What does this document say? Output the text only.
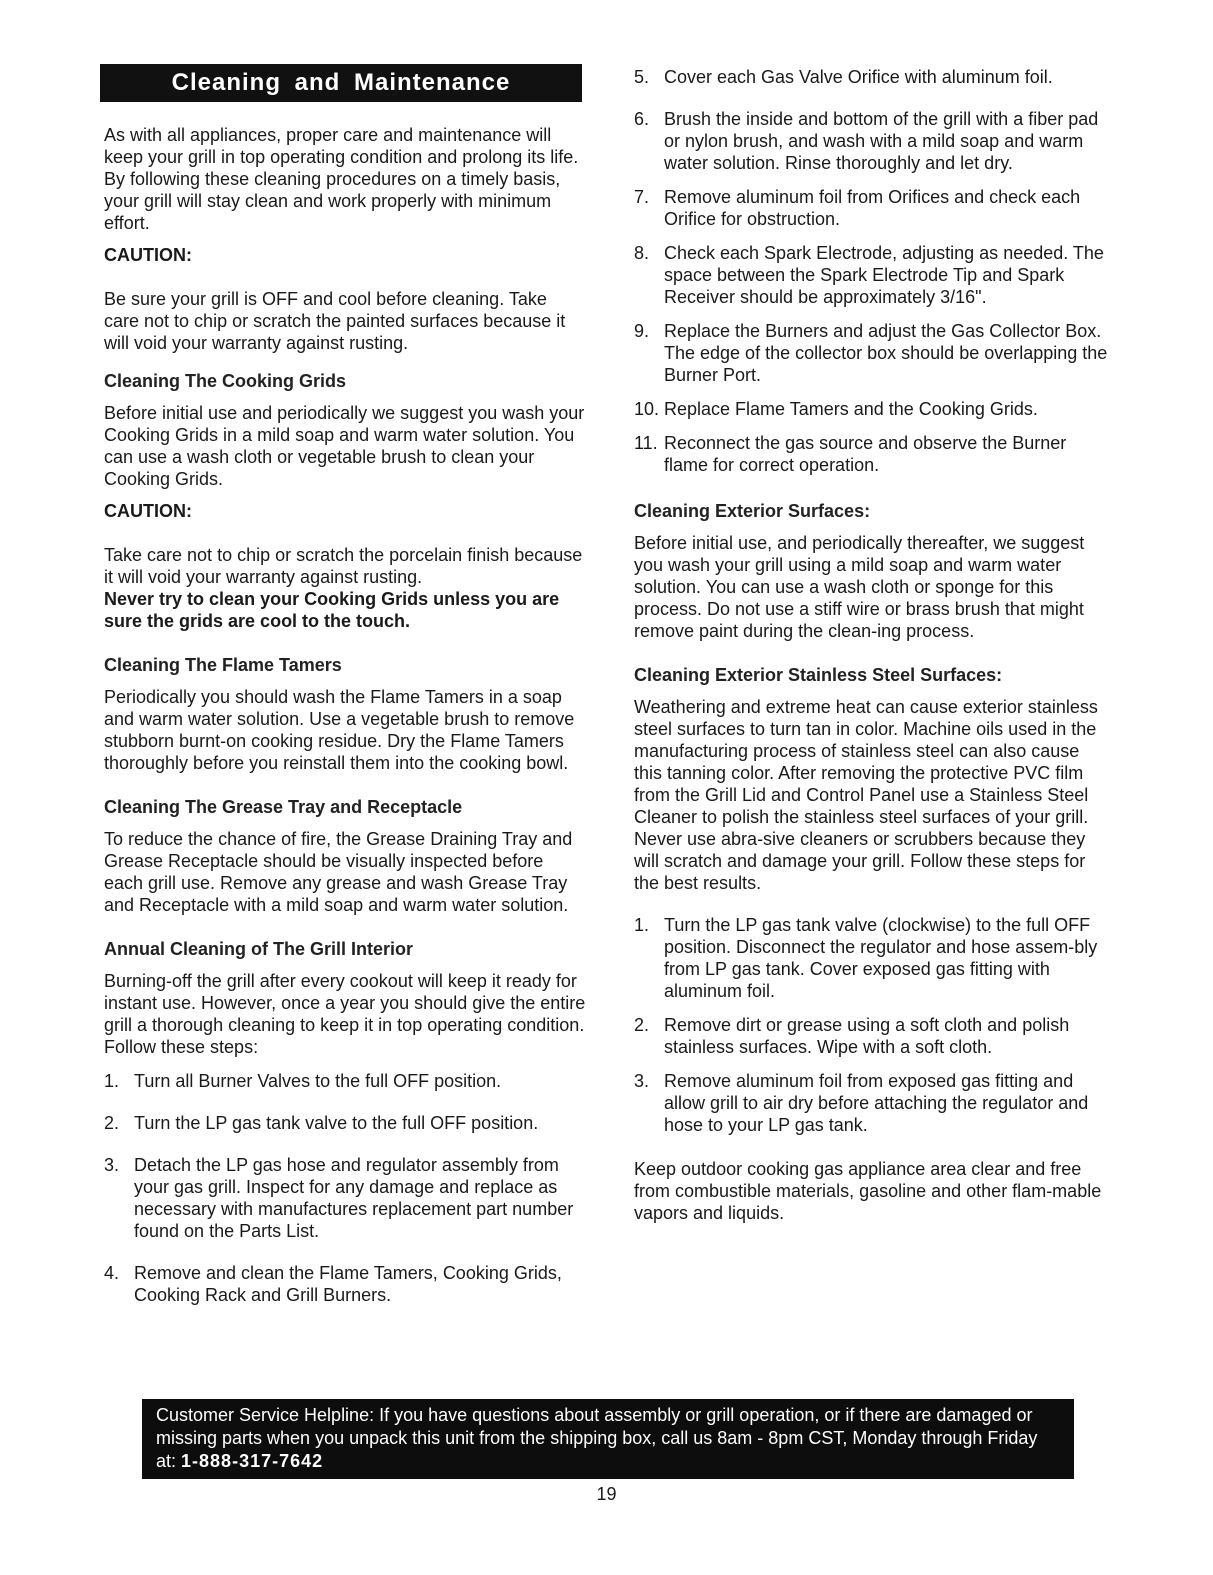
Cleaning and Maintenance

As with all appliances, proper care and maintenance will keep your grill in top operating condition and prolong its life. By following these cleaning procedures on a timely basis, your grill will stay clean and work properly with minimum effort.

CAUTION:

Be sure your grill is OFF and cool before cleaning. Take care not to chip or scratch the painted surfaces because it will void your warranty against rusting.

Cleaning The Cooking Grids

Before initial use and periodically we suggest you wash your Cooking Grids in a mild soap and warm water solution. You can use a wash cloth or vegetable brush to clean your Cooking Grids.

CAUTION:

Take care not to chip or scratch the porcelain finish because it will void your warranty against rusting.

Never try to clean your Cooking Grids unless you are sure the grids are cool to the touch.

Cleaning The Flame Tamers

Periodically you should wash the Flame Tamers in a soap and warm water solution. Use a vegetable brush to remove stubborn burnt-on cooking residue. Dry the Flame Tamers thoroughly before you reinstall them into the cooking bowl.

Cleaning The Grease Tray and Receptacle

To reduce the chance of fire, the Grease Draining Tray and Grease Receptacle should be visually inspected before each grill use. Remove any grease and wash Grease Tray and Receptacle with a mild soap and warm water solution.

Annual Cleaning of The Grill Interior

Burning-off the grill after every cookout will keep it ready for instant use. However, once a year you should give the entire grill a thorough cleaning to keep it in top operating condition. Follow these steps:

1. Turn all Burner Valves to the full OFF position.
2. Turn the LP gas tank valve to the full OFF position.
3. Detach the LP gas hose and regulator assembly from your gas grill. Inspect for any damage and replace as necessary with manufactures replacement part number found on the Parts List.
4. Remove and clean the Flame Tamers, Cooking Grids, Cooking Rack and Grill Burners.
5. Cover each Gas Valve Orifice with aluminum foil.
6. Brush the inside and bottom of the grill with a fiber pad or nylon brush, and wash with a mild soap and warm water solution. Rinse thoroughly and let dry.
7. Remove aluminum foil from Orifices and check each Orifice for obstruction.
8. Check each Spark Electrode, adjusting as needed. The space between the Spark Electrode Tip and Spark Receiver should be approximately 3/16".
9. Replace the Burners and adjust the Gas Collector Box. The edge of the collector box should be overlapping the Burner Port.
10. Replace Flame Tamers and the Cooking Grids.
11. Reconnect the gas source and observe the Burner flame for correct operation.
Cleaning Exterior Surfaces:

Before initial use, and periodically thereafter, we suggest you wash your grill using a mild soap and warm water solution. You can use a wash cloth or sponge for this process. Do not use a stiff wire or brass brush that might remove paint during the clean-ing process.

Cleaning Exterior Stainless Steel Surfaces:

Weathering and extreme heat can cause exterior stainless steel surfaces to turn tan in color. Machine oils used in the manufacturing process of stainless steel can also cause this tanning color. After removing the protective PVC film from the Grill Lid and Control Panel use a Stainless Steel Cleaner to polish the stainless steel surfaces of your grill. Never use abra-sive cleaners or scrubbers because they will scratch and damage your grill. Follow these steps for the best results.

1. Turn the LP gas tank valve (clockwise) to the full OFF position. Disconnect the regulator and hose assem-bly from LP gas tank. Cover exposed gas fitting with aluminum foil.
2. Remove dirt or grease using a soft cloth and polish stainless surfaces. Wipe with a soft cloth.
3. Remove aluminum foil from exposed gas fitting and allow grill to air dry before attaching the regulator and hose to your LP gas tank.

Keep outdoor cooking gas appliance area clear and free from combustible materials, gasoline and other flam-mable vapors and liquids.

Customer Service Helpline: If you have questions about assembly or grill operation, or if there are damaged or missing parts when you unpack this unit from the shipping box, call us 8am - 8pm CST, Monday through Friday at: 1-888-317-7642
19
